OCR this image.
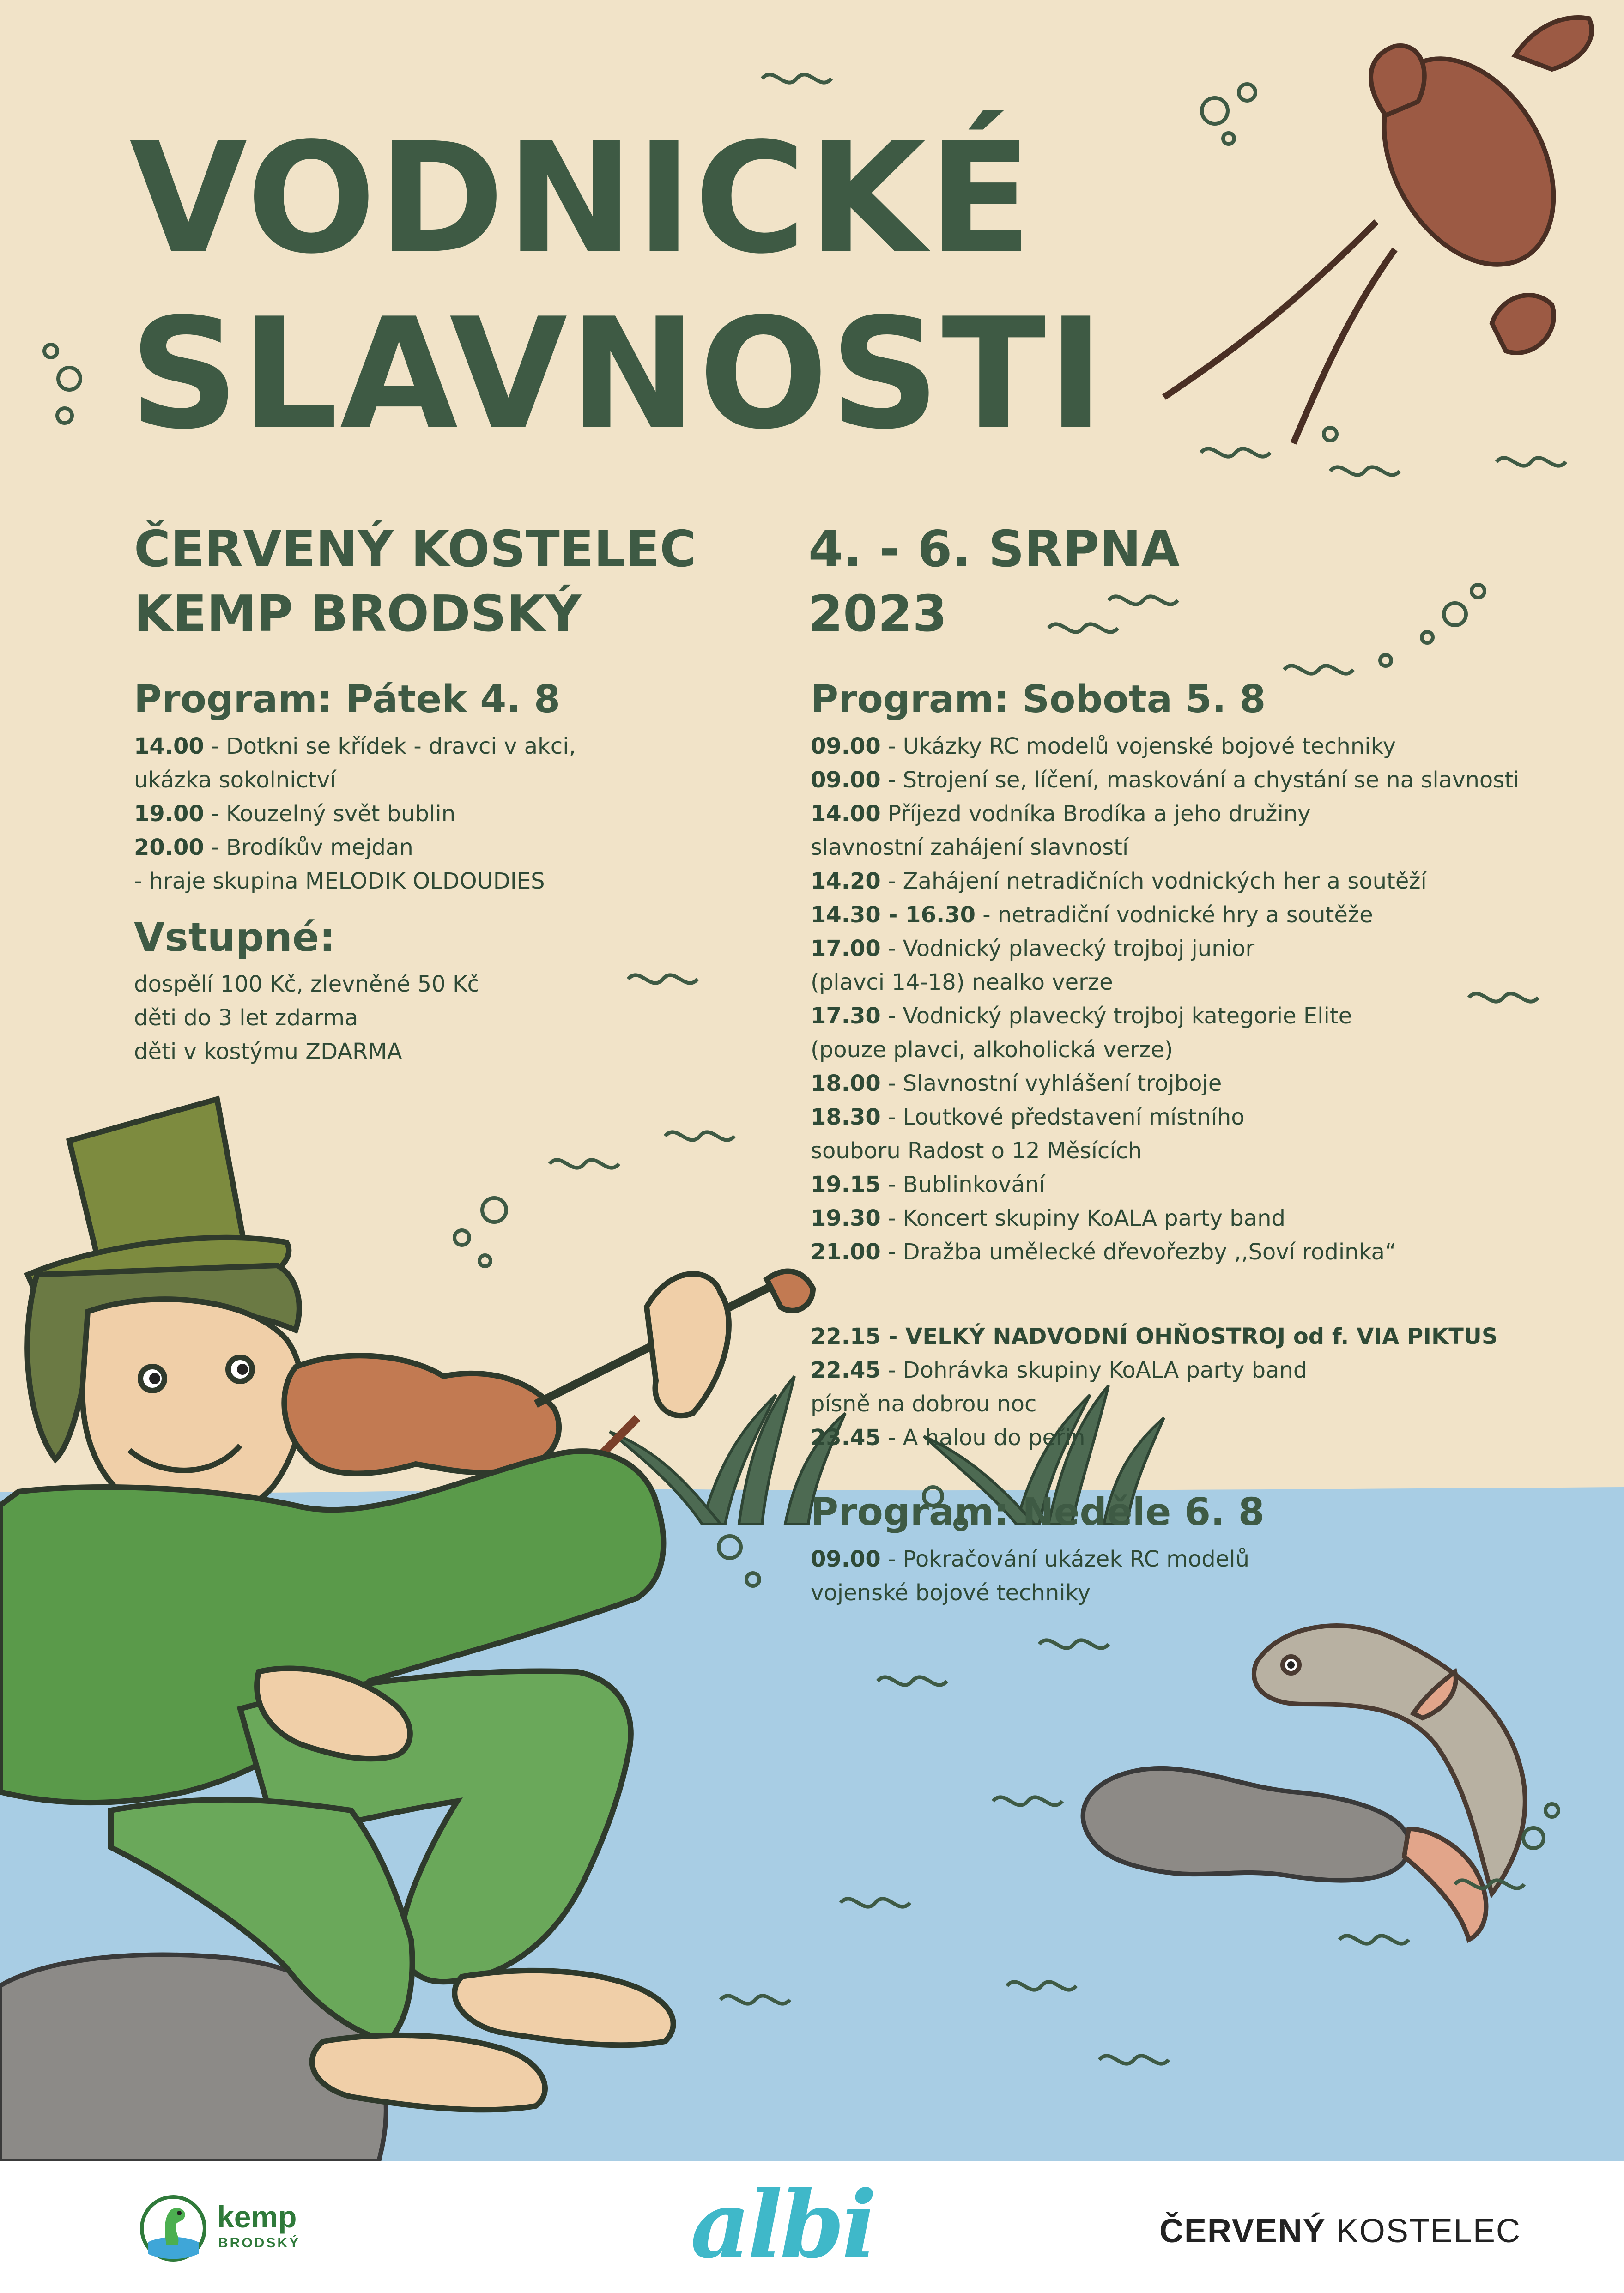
VODNICKÉ
SLAVNOSTI
ČERVENÝ KOSTELEC
KEMP BRODSKÝ
4. - 6. SRPNA
2023
Program: Pátek 4. 8
14.00 - Dotkni se křídek - dravci v akci,
ukázka sokolnictví
19.00 - Kouzelný svět bublin
20.00 - Brodíkův mejdan
- hraje skupina MELODIK OLDOUDIES
Vstupné:
dospělí 100 Kč, zlevněné 50 Kč
děti do 3 let zdarma
děti v kostýmu ZDARMA
Program: Sobota 5. 8
09.00 - Ukázky RC modelů vojenské bojové techniky
09.00 - Strojení se, líčení, maskování a chystání se na slavnosti
14.00 Příjezd vodníka Brodíka a jeho družiny
slavnostní zahájení slavností
14.20 - Zahájení netradičních vodnických her a soutěží
14.30 - 16.30 - netradiční vodnické hry a soutěže
17.00 - Vodnický plavecký trojboj junior
(plavci 14-18) nealko verze
17.30 - Vodnický plavecký trojboj kategorie Elite
(pouze plavci, alkoholická verze)
18.00 - Slavnostní vyhlášení trojboje
18.30 - Loutkové představení místního
souboru Radost o 12 Měsících
19.15 - Bublinkování
19.30 - Koncert skupiny KoALA party band
21.00 - Dražba umělecké dřevořezby ,,Soví rodinka“
22.15 - VELKÝ NADVODNÍ OHŇOSTROJ od f. VIA PIKTUS
22.45 - Dohrávka skupiny KoALA party band
písně na dobrou noc
23.45 - A halou do peřin
Program: Neděle 6. 8
09.00 - Pokračování ukázek RC modelů
vojenské bojové techniky
kemp
BRODSKÝ	albi	ČERVENÝ KOSTELEC
